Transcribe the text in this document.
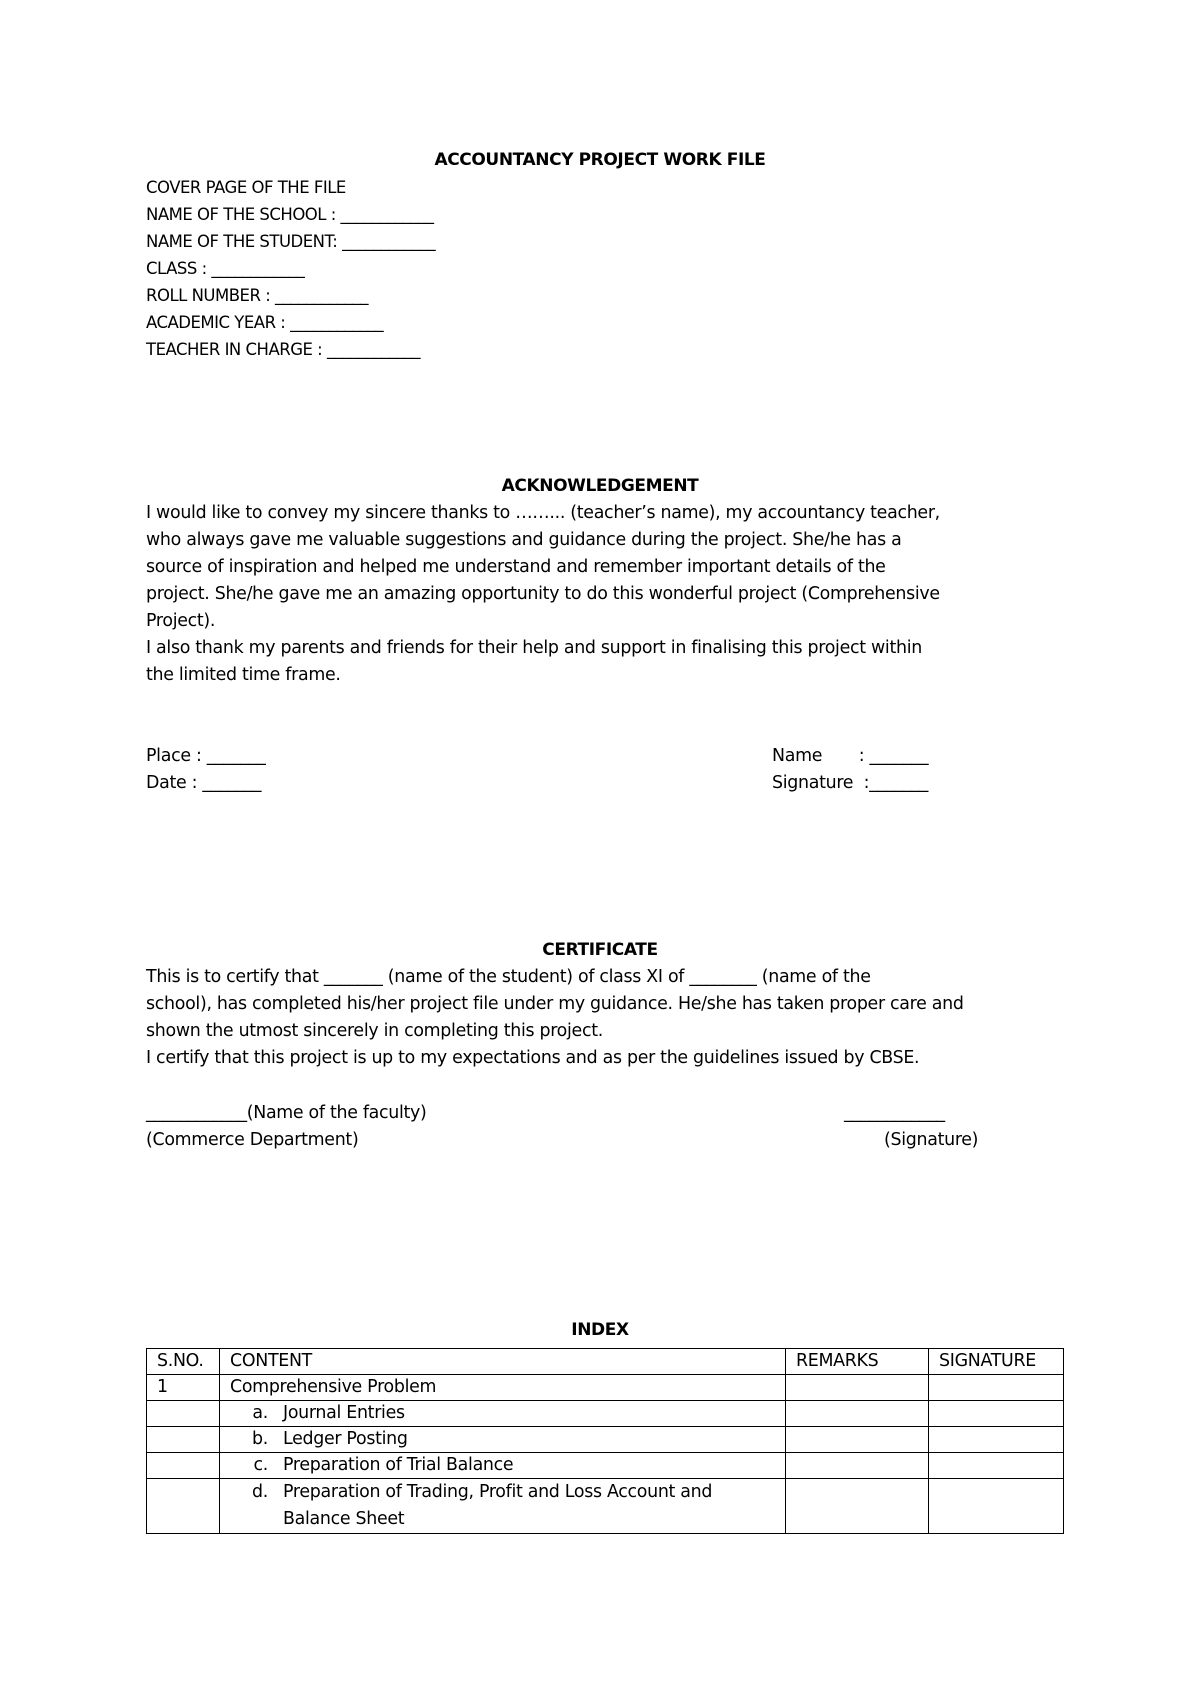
ACCOUNTANCY PROJECT WORK FILE
COVER PAGE OF THE FILE
NAME OF THE SCHOOL : ____________
NAME OF THE STUDENT: ____________
CLASS : ____________
ROLL NUMBER : ____________
ACADEMIC YEAR : ____________
TEACHER IN CHARGE : ____________
ACKNOWLEDGEMENT
I would like to convey my sincere thanks to ……... (teacher’s name), my accountancy teacher,
who always gave me valuable suggestions and guidance during the project. She/he has a
source of inspiration and helped me understand and remember important details of the
project. She/he gave me an amazing opportunity to do this wonderful project (Comprehensive
Project).
I also thank my parents and friends for their help and support in finalising this project within
the limited time frame.
Place : _______
Date : _______
Name       : _______
Signature  :_______
CERTIFICATE
This is to certify that _______ (name of the student) of class XI of ________ (name of the
school), has completed his/her project file under my guidance. He/she has taken proper care and
shown the utmost sincerely in completing this project.
I certify that this project is up to my expectations and as per the guidelines issued by CBSE.
____________(Name of the faculty)
(Commerce Department)
____________
(Signature)
INDEX
S.NO.	CONTENT	REMARKS	SIGNATURE
1	Comprehensive Problem		
	a. Journal Entries		
	b. Ledger Posting		
	c. Preparation of Trial Balance		

	d. Preparation of Trading, Profit and Loss Account and Balance Sheet		
